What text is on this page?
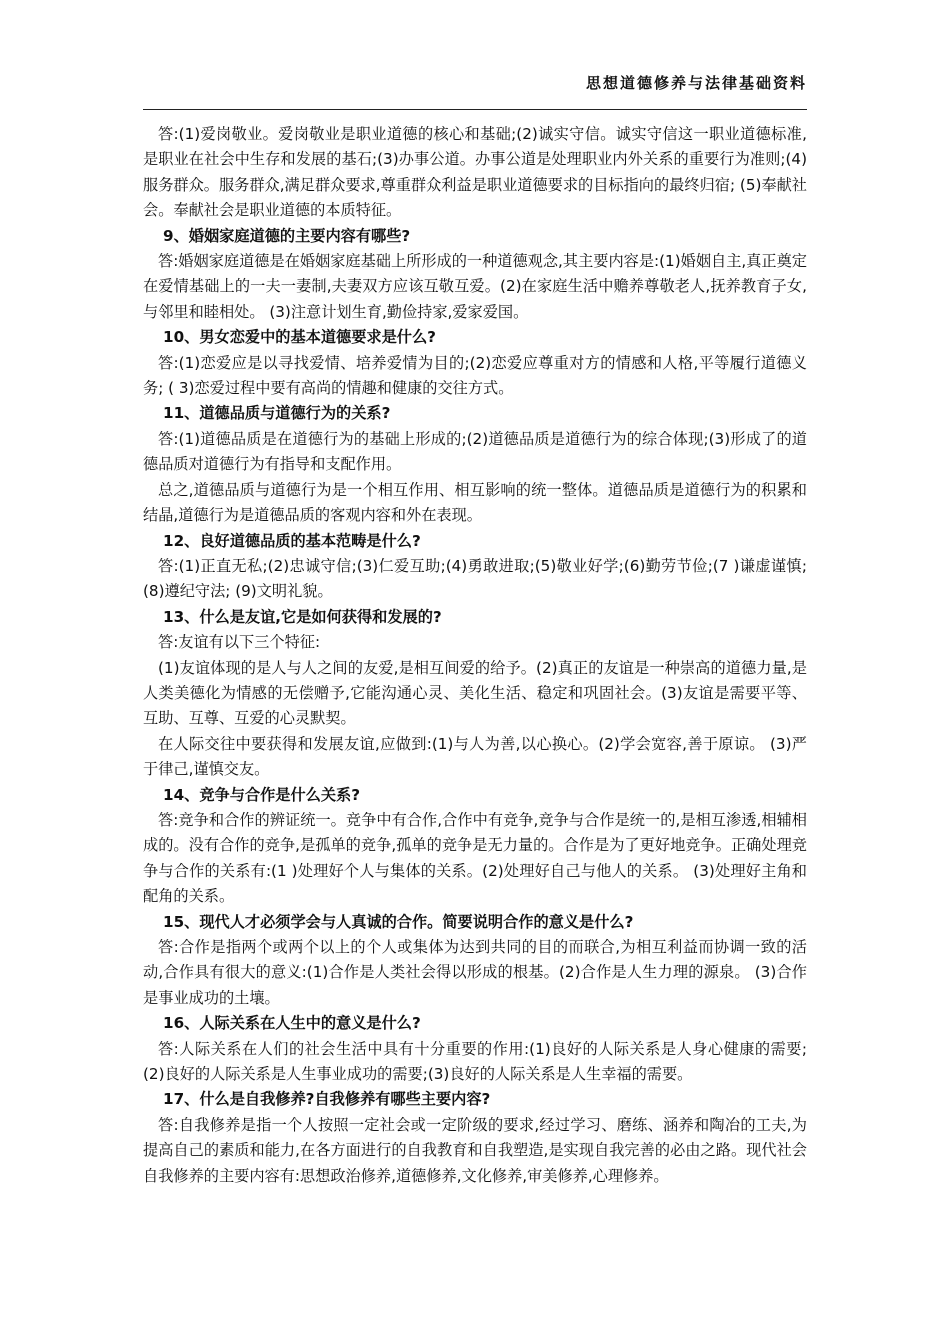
思想道德修养与法律基础资料

答:(1)爱岗敬业。爱岗敬业是职业道德的核心和基础;(2)诚实守信。诚实守信这一职业道德标准,是职业在社会中生存和发展的基石;(3)办事公道。办事公道是处理职业内外关系的重要行为准则;(4)服务群众。服务群众,满足群众要求,尊重群众利益是职业道德要求的目标指向的最终归宿; (5)奉献社会。奉献社会是职业道德的本质特征。

9、婚姻家庭道德的主要内容有哪些?

答:婚姻家庭道德是在婚姻家庭基础上所形成的一种道德观念,其主要内容是:(1)婚姻自主,真正奠定在爱情基础上的一夫一妻制,夫妻双方应该互敬互爱。(2)在家庭生活中赡养尊敬老人,抚养教育子女,与邻里和睦相处。 (3)注意计划生育,勤俭持家,爱家爱国。

10、男女恋爱中的基本道德要求是什么?

答:(1)恋爱应是以寻找爱情、培养爱情为目的;(2)恋爱应尊重对方的情感和人格,平等履行道德义务; ( 3)恋爱过程中要有高尚的情趣和健康的交往方式。

11、道德品质与道德行为的关系?

答:(1)道德品质是在道德行为的基础上形成的;(2)道德品质是道德行为的综合体现;(3)形成了的道德品质对道德行为有指导和支配作用。

总之,道德品质与道德行为是一个相互作用、相互影响的统一整体。道德品质是道德行为的积累和结晶,道德行为是道德品质的客观内容和外在表现。

12、良好道德品质的基本范畴是什么?

答:(1)正直无私;(2)忠诚守信;(3)仁爱互助;(4)勇敢进取;(5)敬业好学;(6)勤劳节俭;(7 )谦虚谨慎; (8)遵纪守法; (9)文明礼貌。

13、什么是友谊,它是如何获得和发展的?

答:友谊有以下三个特征:

(1)友谊体现的是人与人之间的友爱,是相互间爱的给予。(2)真正的友谊是一种崇高的道德力量,是人类美德化为情感的无偿赠予,它能沟通心灵、美化生活、稳定和巩固社会。(3)友谊是需要平等、互助、互尊、互爱的心灵默契。

在人际交往中要获得和发展友谊,应做到:(1)与人为善,以心换心。(2)学会宽容,善于原谅。 (3)严于律己,谨慎交友。

14、竞争与合作是什么关系?

答:竞争和合作的辨证统一。竞争中有合作,合作中有竞争,竞争与合作是统一的,是相互渗透,相辅相成的。没有合作的竞争,是孤单的竞争,孤单的竞争是无力量的。合作是为了更好地竞争。正确处理竞争与合作的关系有:(1 )处理好个人与集体的关系。(2)处理好自己与他人的关系。 (3)处理好主角和配角的关系。

15、现代人才必须学会与人真诚的合作。简要说明合作的意义是什么?

答:合作是指两个或两个以上的个人或集体为达到共同的目的而联合,为相互利益而协调一致的活动,合作具有很大的意义:(1)合作是人类社会得以形成的根基。(2)合作是人生力理的源泉。 (3)合作是事业成功的土壤。

16、人际关系在人生中的意义是什么?

答:人际关系在人们的社会生活中具有十分重要的作用:(1)良好的人际关系是人身心健康的需要;(2)良好的人际关系是人生事业成功的需要;(3)良好的人际关系是人生幸福的需要。

17、什么是自我修养?自我修养有哪些主要内容?

答:自我修养是指一个人按照一定社会或一定阶级的要求,经过学习、磨练、涵养和陶冶的工夫,为提高自己的素质和能力,在各方面进行的自我教育和自我塑造,是实现自我完善的必由之路。现代社会自我修养的主要内容有:思想政治修养,道德修养,文化修养,审美修养,心理修养。
